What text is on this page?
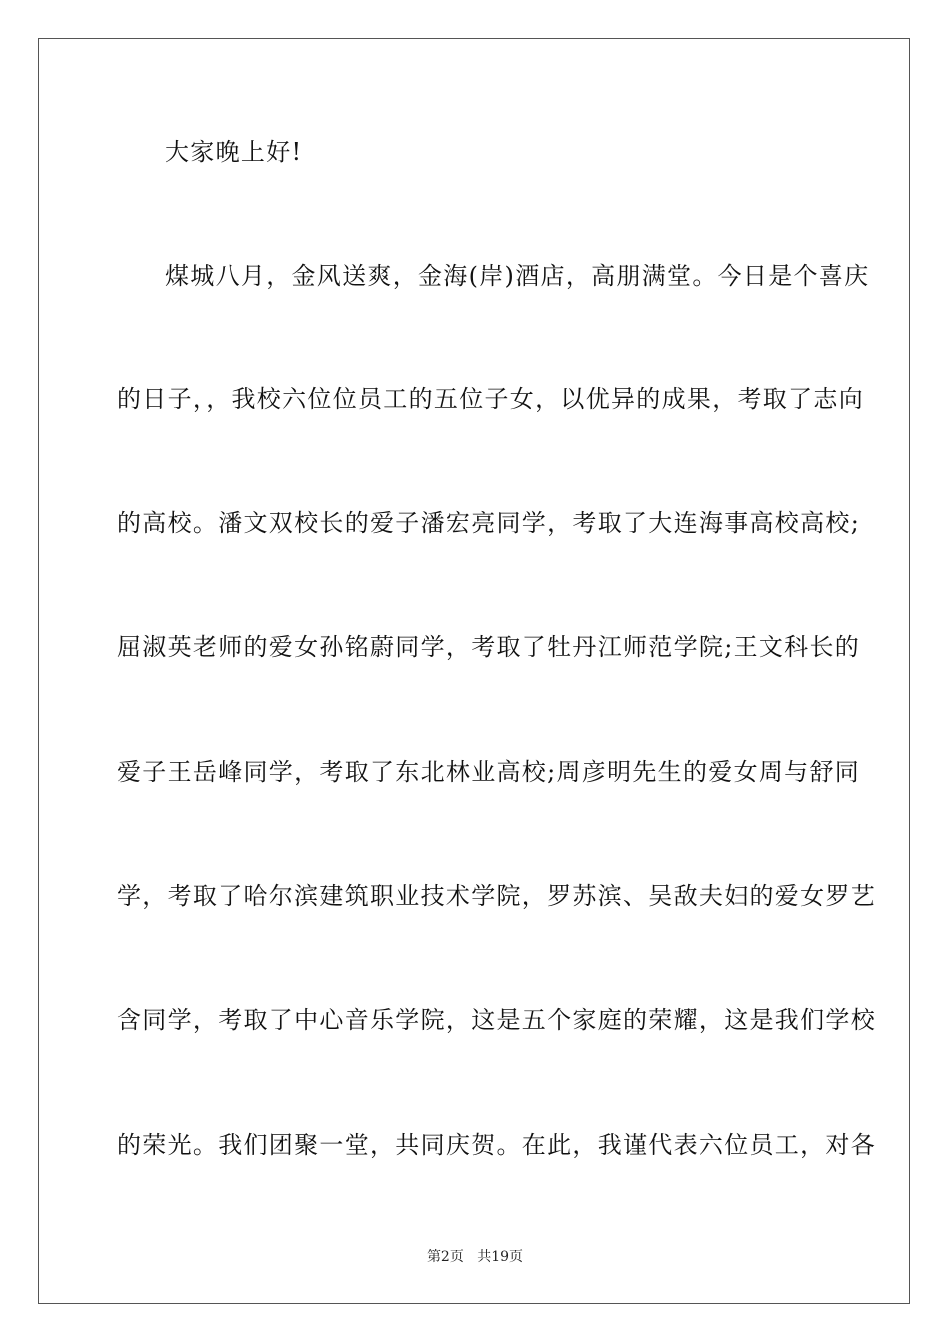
大家晚上好!
煤城八月，金风送爽，金海(岸)酒店，高朋满堂。今日是个喜庆
的日子，，我校六位位员工的五位子女，以优异的成果，考取了志向
的高校。潘文双校长的爱子潘宏亮同学，考取了大连海事高校高校;
屈淑英老师的爱女孙铭蔚同学，考取了牡丹江师范学院;王文科长的
爱子王岳峰同学，考取了东北林业高校;周彦明先生的爱女周与舒同
学，考取了哈尔滨建筑职业技术学院，罗苏滨、吴敌夫妇的爱女罗艺
含同学，考取了中心音乐学院，这是五个家庭的荣耀，这是我们学校
的荣光。我们团聚一堂，共同庆贺。在此，我谨代表六位员工，对各
第2页 共19页
